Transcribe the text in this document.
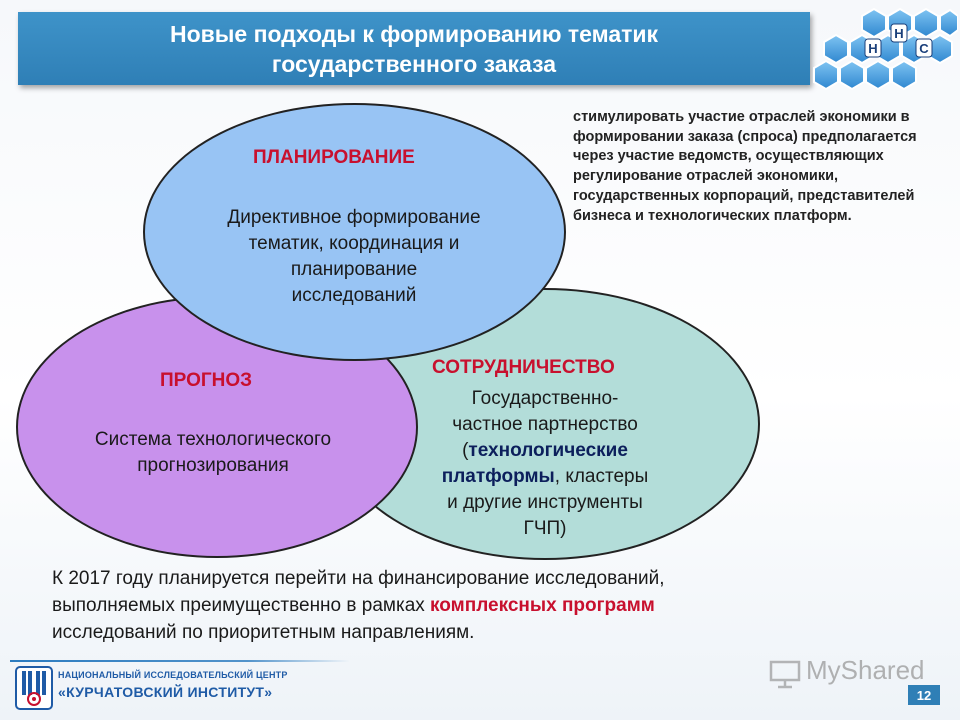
Новые подходы к формированию тематик
государственного заказа
Н
Н
С
стимулировать участие отраслей экономики в формировании заказа (спроса) предполагается через участие ведомств, осуществляющих регулирование отраслей экономики, государственных корпораций, представителей бизнеса и технологических платформ.
ПЛАНИРОВАНИЕ
Директивное формирование
тематик, координация и
планирование
исследований
ПРОГНОЗ
Система технологического
прогнозирования
СОТРУДНИЧЕСТВО
Государственно-
частное партнерство
(технологические
платформы, кластеры
и другие инструменты
ГЧП)
К 2017 году планируется перейти на финансирование исследований,
выполняемых преимущественно в рамках комплексных программ
исследований по приоритетным направлениям.
НАЦИОНАЛЬНЫЙ ИССЛЕДОВАТЕЛЬСКИЙ ЦЕНТР
«КУРЧАТОВСКИЙ ИНСТИТУТ»
MyShared
12
